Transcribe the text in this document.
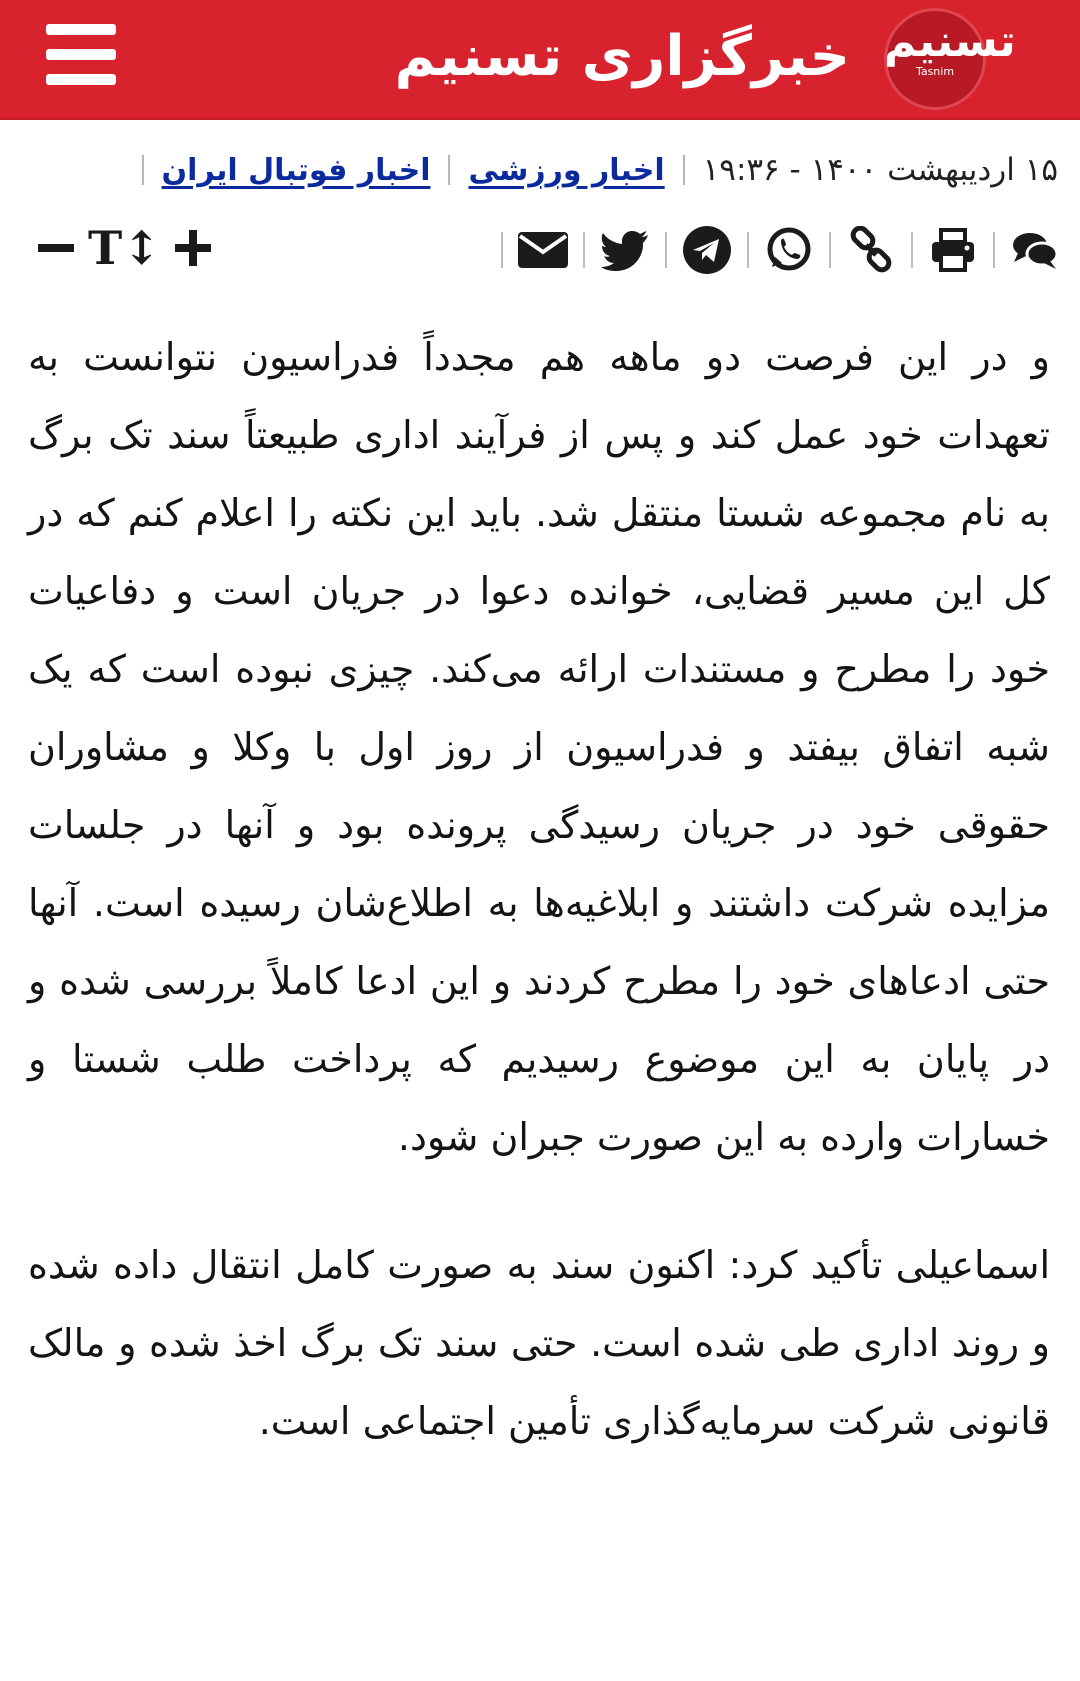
خبرگزاری تسنیم تسنیم
Tasnim
۱۵ اردیبهشت ۱۴۰۰ - ۱۹:۳۶
اخبار ورزشی
اخبار فوتبال ایران
T↕

و در این فرصت دو ماهه هم مجدداً فدراسیون نتوانست به تعهدات خود عمل کند و پس از فرآیند اداری طبیعتاً سند تک برگ به نام مجموعه شستا منتقل شد. باید این نکته را اعلام کنم که در کل این مسیر قضایی، خوانده دعوا در جریان است و دفاعیات خود را مطرح و مستندات ارائه می‌کند. چیزی نبوده است که یک شبه اتفاق بیفتد و فدراسیون از روز اول با وکلا و مشاوران حقوقی خود در جریان رسیدگی پرونده بود و آنها در جلسات مزایده شرکت داشتند و ابلاغیه‌ها به اطلاع‌شان رسیده است. آنها حتی ادعاهای خود را مطرح کردند و این ادعا کاملاً بررسی شده و در پایان به این موضوع رسیدیم که پرداخت طلب شستا و خسارات وارده به این صورت جبران شود.

اسماعیلی تأکید کرد: اکنون سند به صورت کامل انتقال داده شده و روند اداری طی شده است. حتی سند تک برگ اخذ شده و مالک قانونی شرکت سرمایه‌گذاری تأمین اجتماعی است.
